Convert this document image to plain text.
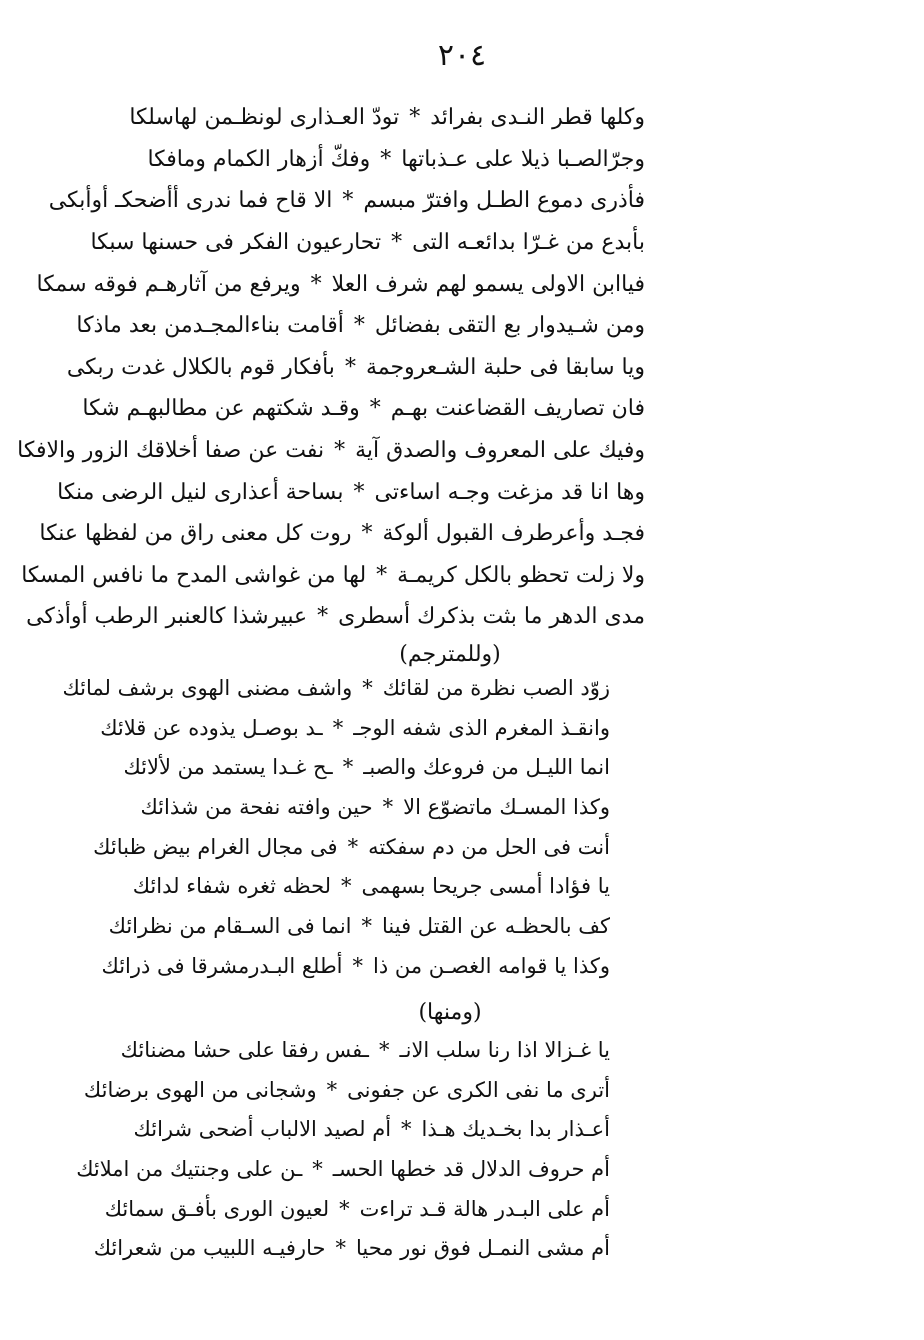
٢٠٤
وكلها قطر النـدى بفرائد
*
تودّ العـذارى لونظـمن لهاسلكا
وجرّالصـبا ذيلا على عـذباتها
*
وفكّ أزهار الكمام ومافكا
فأذرى دموع الطـل وافترّ مبسم
*
الا قاح فما ندرى أأضحكـ أوأبكى
بأبدع من غـرّا بدائعـه التى
*
تحارعيون الفكر فى حسنها سبكا
فياابن الاولى يسمو لهم شرف العلا
*
ويرفع من آثارهـم فوقه سمكا
ومن شـيدوار بع التقى بفضائل
*
أقامت بناءالمجـدمن بعد ماذكا
ويا سابقا فى حلبة الشـعروجمة
*
بأفكار قوم بالكلال غدت ربكى
فان تصاريف القضاعنت بهـم
*
وقـد شكتهم عن مطالبهـم شكا
وفيك على المعروف والصدق آية
*
نفت عن صفا أخلاقك الزور والافكا
وها انا قد مزغت وجـه اساءتى
*
بساحة أعذارى لنيل الرضى منكا
فجـد وأعرطرف القبول ألوكة
*
روت كل معنى راق من لفظها عنكا
ولا زلت تحظو بالكل كريمـة
*
لها من غواشى المدح ما نافس المسكا
مدى الدهر ما بثت بذكرك أسطرى
*
عبيرشذا كالعنبر الرطب أوأذكى
(وللمترجم)
زوّد الصب نظرة من لقائك
*
واشف مضنى الهوى برشف لمائك
وانقـذ المغرم الذى شفه الوجـ
*
ـد بوصـل يذوده عن قلائك
انما الليـل من فروعك والصبـ
*
ـح غـدا يستمد من لألائك
وكذا المسـك ماتضوّع الا
*
حين وافته نفحة من شذائك
أنت فى الحل من دم سفكته
*
فى مجال الغرام بيض ظبائك
يا فؤادا أمسى جريحا بسهمى
*
لحظه ثغره شفاء لدائك
كف بالحظـه عن القتل فينا
*
انما فى السـقام من نظرائك
وكذا يا قوامه الغصـن من ذا
*
أطلع البـدرمشرقا فى ذرائك
(ومنها)
يا غـزالا اذا رنا سلب الانـ
*
ـفس رفقا على حشا مضنائك
أترى ما نفى الكرى عن جفونى
*
وشجانى من الهوى برضائك
أعـذار بدا بخـديك هـذا
*
أم لصيد الالباب أضحى شرائك
أم حروف الدلال قد خطها الحسـ
*
ـن على وجنتيك من املائك
أم على البـدر هالة قـد تراءت
*
لعيون الورى بأفـق سمائك
أم مشى النمـل فوق نور محيا
*
حارفيـه اللبيب من شعرائك
